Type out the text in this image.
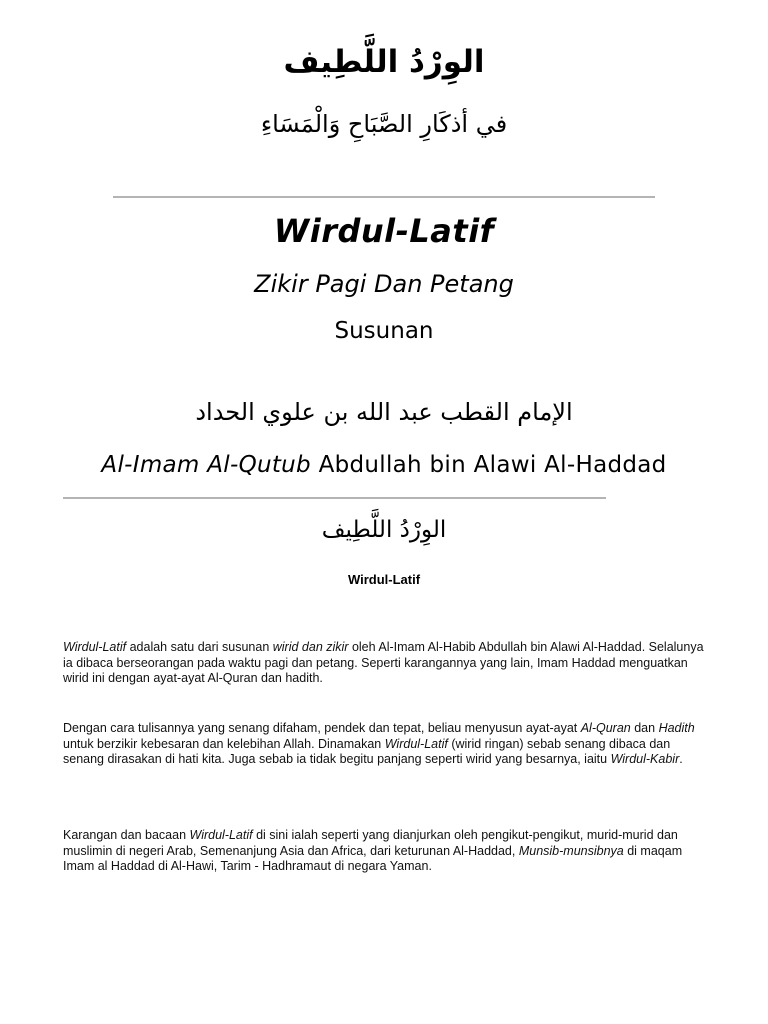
الوِرْدُ اللَّطِيف
في أذكَارِ الصَّبَاحِ وَالْمَسَاءِ
Wirdul-Latif
Zikir Pagi Dan Petang
Susunan
الإمام القطب عبد الله بن علوي الحداد
Al-Imam Al-Qutub Abdullah bin Alawi Al-Haddad
الوِرْدُ اللَّطِيف
Wirdul-Latif

Wirdul-Latif adalah satu dari susunan wirid dan zikir oleh Al-Imam Al-Habib Abdullah bin Alawi Al-Haddad. Selalunya ia dibaca berseorangan pada waktu pagi dan petang. Seperti karangannya yang lain, Imam Haddad menguatkan wirid ini dengan ayat-ayat Al-Quran dan hadith.

Dengan cara tulisannya yang senang difaham, pendek dan tepat, beliau menyusun ayat-ayat Al-Quran dan Hadith untuk berzikir kebesaran dan kelebihan Allah. Dinamakan Wirdul-Latif (wirid ringan) sebab senang dibaca dan senang dirasakan di hati kita. Juga sebab ia tidak begitu panjang seperti wirid yang besarnya, iaitu Wirdul-Kabir.

Karangan dan bacaan Wirdul-Latif di sini ialah seperti yang dianjurkan oleh pengikut-pengikut, murid-murid dan muslimin di negeri Arab, Semenanjung Asia dan Africa, dari keturunan Al-Haddad, Munsib-munsibnya di maqam Imam al Haddad di Al-Hawi, Tarim - Hadhramaut di negara Yaman.
